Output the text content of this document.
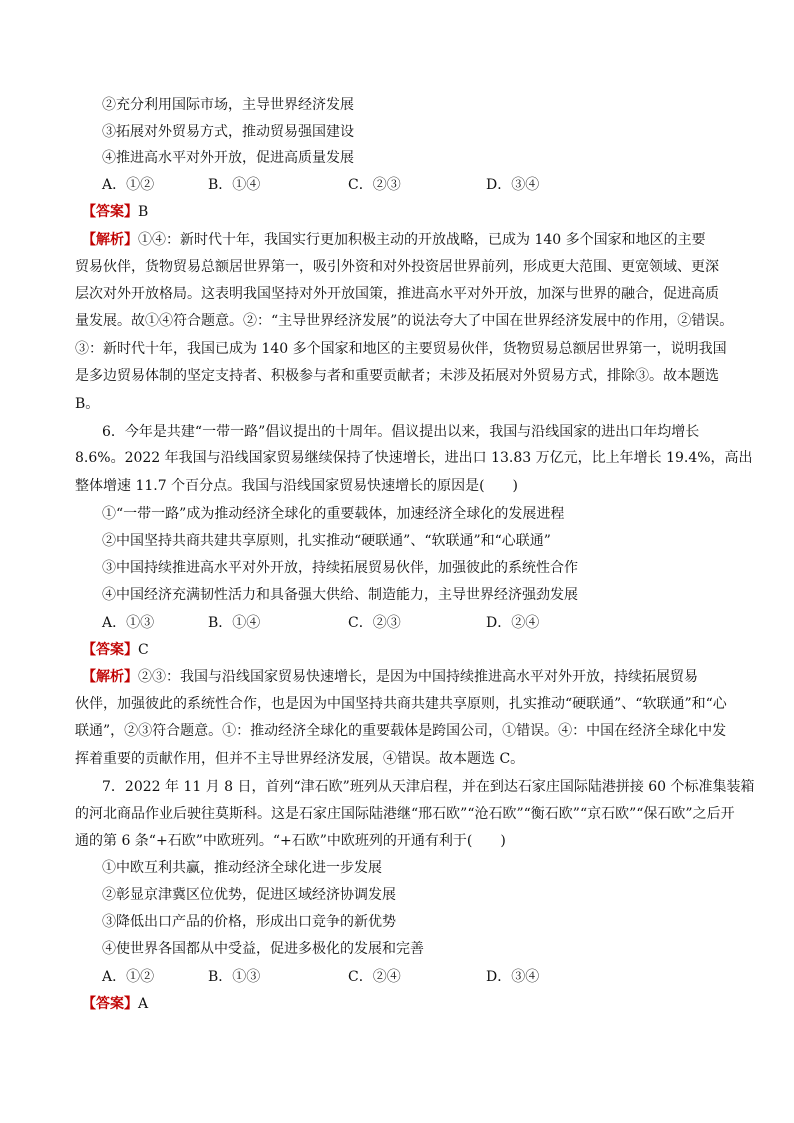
②充分利用国际市场，主导世界经济发展
③拓展对外贸易方式，推动贸易强国建设
④推进高水平对外开放，促进高质量发展
A．①②	B．①④	C．②③	D．③④
【答案】B
【解析】①④：新时代十年，我国实行更加积极主动的开放战略，已成为 140 多个国家和地区的主要
贸易伙伴，货物贸易总额居世界第一，吸引外资和对外投资居世界前列，形成更大范围、更宽领域、更深
层次对外开放格局。这表明我国坚持对外开放国策，推进高水平对外开放，加深与世界的融合，促进高质
量发展。故①④符合题意。②：“主导世界经济发展”的说法夸大了中国在世界经济发展中的作用，②错误。
③：新时代十年，我国已成为 140 多个国家和地区的主要贸易伙伴，货物贸易总额居世界第一，说明我国
是多边贸易体制的坚定支持者、积极参与者和重要贡献者；未涉及拓展对外贸易方式，排除③。故本题选
B。
6．今年是共建“一带一路”倡议提出的十周年。倡议提出以来，我国与沿线国家的进出口年均增长
8.6%。2022 年我国与沿线国家贸易继续保持了快速增长，进出口 13.83 万亿元，比上年增长 19.4%，高出
整体增速 11.7 个百分点。我国与沿线国家贸易快速增长的原因是(　　)
①“一带一路”成为推动经济全球化的重要载体，加速经济全球化的发展进程
②中国坚持共商共建共享原则，扎实推动“硬联通”、“软联通”和“心联通”
③中国持续推进高水平对外开放，持续拓展贸易伙伴，加强彼此的系统性合作
④中国经济充满韧性活力和具备强大供给、制造能力，主导世界经济强劲发展
A．①③	B．①④	C．②③	D．②④
【答案】C
【解析】②③：我国与沿线国家贸易快速增长，是因为中国持续推进高水平对外开放，持续拓展贸易
伙伴，加强彼此的系统性合作，也是因为中国坚持共商共建共享原则，扎实推动“硬联通”、“软联通”和“心
联通”，②③符合题意。①：推动经济全球化的重要载体是跨国公司，①错误。④：中国在经济全球化中发
挥着重要的贡献作用，但并不主导世界经济发展，④错误。故本题选 C。
7．2022 年 11 月 8 日，首列“津石欧”班列从天津启程，并在到达石家庄国际陆港拼接 60 个标准集装箱
的河北商品作业后驶往莫斯科。这是石家庄国际陆港继“邢石欧”“沧石欧”“衡石欧”“京石欧”“保石欧”之后开
通的第 6 条“+石欧”中欧班列。“+石欧”中欧班列的开通有利于(　　)
①中欧互利共赢，推动经济全球化进一步发展
②彰显京津冀区位优势，促进区域经济协调发展
③降低出口产品的价格，形成出口竞争的新优势
④使世界各国都从中受益，促进多极化的发展和完善
A．①②	B．①③	C．②④	D．③④
【答案】A
